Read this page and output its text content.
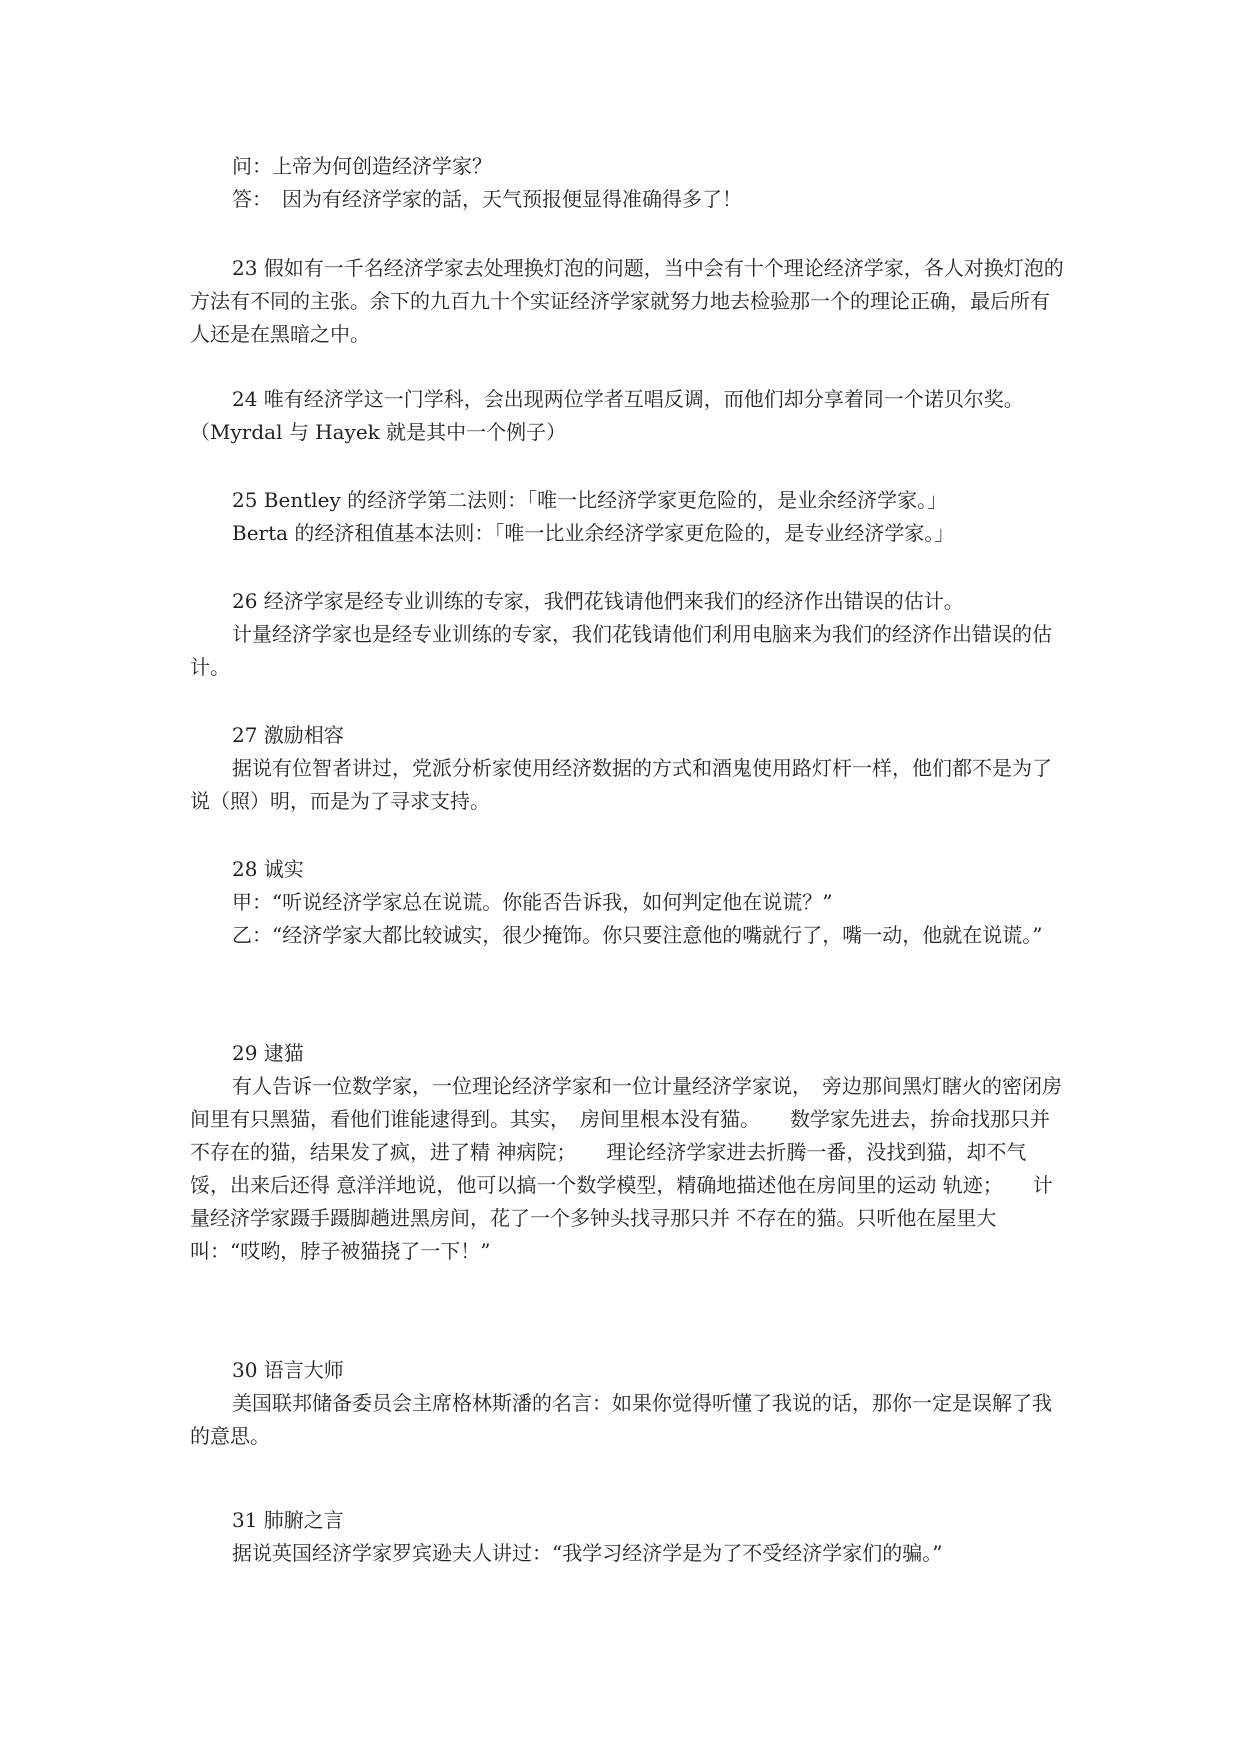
问：上帝为何创造经济学家？

答：　因为有经济学家的話，天气预报便显得准确得多了！

23 假如有一千名经济学家去处理换灯泡的问题，当中会有十个理论经济学家，各人对换灯泡的方法有不同的主张。余下的九百九十个实证经济学家就努力地去检验那一个的理论正确，最后所有人还是在黑暗之中。

24 唯有经济学这一门学科，会出现两位学者互唱反调，而他们却分享着同一个诺贝尔奖。（Myrdal 与 Hayek 就是其中一个例子）

25 Bentley 的经济学第二法则：「唯一比经济学家更危险的，是业余经济学家。」

Berta 的经济租值基本法则：「唯一比业余经济学家更危险的，是专业经济学家。」

26 经济学家是经专业训练的专家，我們花钱请他們来我们的经济作出错误的估计。

计量经济学家也是经专业训练的专家，我们花钱请他们利用电脑来为我们的经济作出错误的估计。

27 激励相容

据说有位智者讲过，党派分析家使用经济数据的方式和酒鬼使用路灯杆一样，他们都不是为了说（照）明，而是为了寻求支持。

28 诚实

甲：“听说经济学家总在说谎。你能否告诉我，如何判定他在说谎？”

乙：“经济学家大都比较诚实，很少掩饰。你只要注意他的嘴就行了，嘴一动，他就在说谎。”

29 逮猫

有人告诉一位数学家，一位理论经济学家和一位计量经济学家说，　旁边那间黑灯瞎火的密闭房间里有只黑猫，看他们谁能逮得到。其实，　房间里根本没有猫。　　数学家先进去，拚命找那只并不存在的猫，结果发了疯，进了精 神病院；　　理论经济学家进去折腾一番，没找到猫，却不气馁，出来后还得 意洋洋地说，他可以搞一个数学模型，精确地描述他在房间里的运动 轨迹；　　计量经济学家蹑手蹑脚趟进黑房间，花了一个多钟头找寻那只并 不存在的猫。只听他在屋里大叫：“哎哟，脖子被猫挠了一下！”

30 语言大师

美国联邦储备委员会主席格林斯潘的名言：如果你觉得听懂了我说的话，那你一定是误解了我的意思。

31 肺腑之言

据说英国经济学家罗宾逊夫人讲过：“我学习经济学是为了不受经济学家们的骗。”
